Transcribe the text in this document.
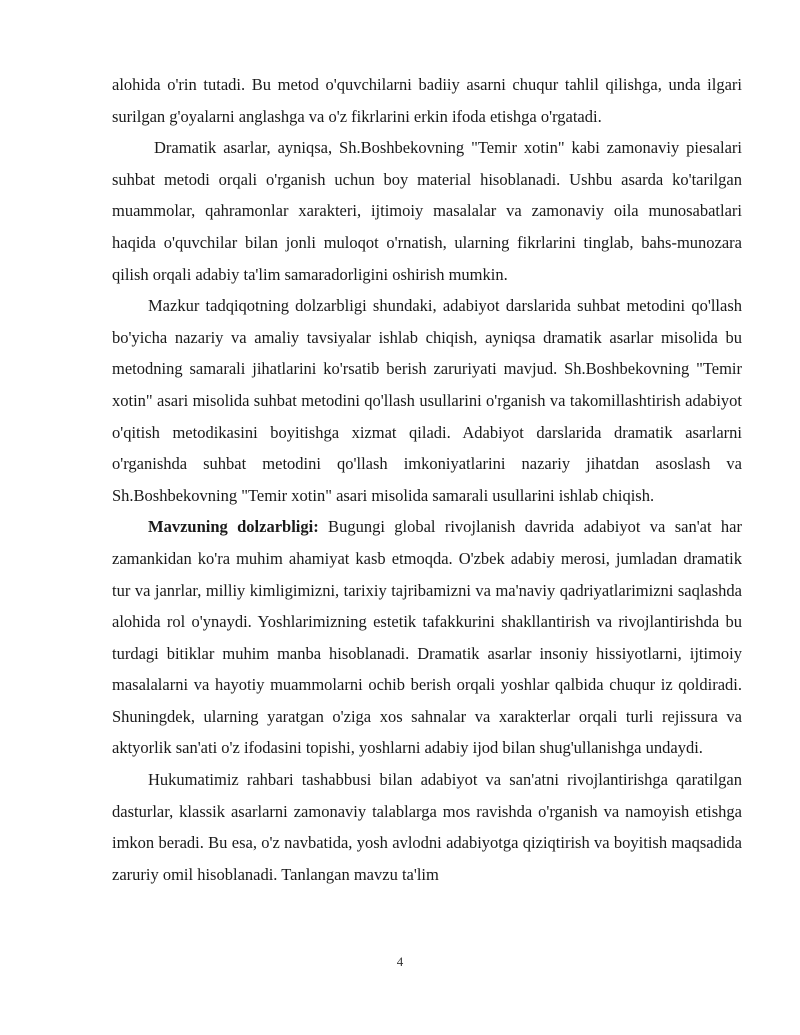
alohida o'rin tutadi. Bu metod o'quvchilarni badiiy asarni chuqur tahlil qilishga, unda ilgari surilgan g'oyalarni anglashga va o'z fikrlarini erkin ifoda etishga o'rgatadi.

Dramatik asarlar, ayniqsa, Sh.Boshbekovning "Temir xotin" kabi zamonaviy piesalari suhbat metodi orqali o'rganish uchun boy material hisoblanadi. Ushbu asarda ko'tarilgan muammolar, qahramonlar xarakteri, ijtimoiy masalalar va zamonaviy oila munosabatlari haqida o'quvchilar bilan jonli muloqot o'rnatish, ularning fikrlarini tinglab, bahs-munozara qilish orqali adabiy ta'lim samaradorligini oshirish mumkin.

Mazkur tadqiqotning dolzarbligi shundaki, adabiyot darslarida suhbat metodini qo'llash bo'yicha nazariy va amaliy tavsiyalar ishlab chiqish, ayniqsa dramatik asarlar misolida bu metodning samarali jihatlarini ko'rsatib berish zaruriyati mavjud. Sh.Boshbekovning "Temir xotin" asari misolida suhbat metodini qo'llash usullarini o'rganish va takomillashtirish adabiyot o'qitish metodikasini boyitishga xizmat qiladi. Adabiyot darslarida dramatik asarlarni o'rganishda suhbat metodini qo'llash imkoniyatlarini nazariy jihatdan asoslash va Sh.Boshbekovning "Temir xotin" asari misolida samarali usullarini ishlab chiqish.

Mavzuning dolzarbligi: Bugungi global rivojlanish davrida adabiyot va san'at har zamankidan ko'ra muhim ahamiyat kasb etmoqda. O'zbek adabiy merosi, jumladan dramatik tur va janrlar, milliy kimligimizni, tarixiy tajribamizni va ma'naviy qadriyatlarimizni saqlashda alohida rol o'ynaydi. Yoshlarimizning estetik tafakkurini shakllantirish va rivojlantirishda bu turdagi bitiklar muhim manba hisoblanadi. Dramatik asarlar insoniy hissiyotlarni, ijtimoiy masalalarni va hayotiy muammolarni ochib berish orqali yoshlar qalbida chuqur iz qoldiradi. Shuningdek, ularning yaratgan o'ziga xos sahnalar va xarakterlar orqali turli rejissura va aktyorlik san'ati o'z ifodasini topishi, yoshlarni adabiy ijod bilan shug'ullanishga undaydi.

Hukumatimiz rahbari tashabbusi bilan adabiyot va san'atni rivojlantirishga qaratilgan dasturlar, klassik asarlarni zamonaviy talablarga mos ravishda o'rganish va namoyish etishga imkon beradi. Bu esa, o'z navbatida, yosh avlodni adabiyotga qiziqtirish va boyitish maqsadida zaruriy omil hisoblanadi. Tanlangan mavzu ta'lim

4
